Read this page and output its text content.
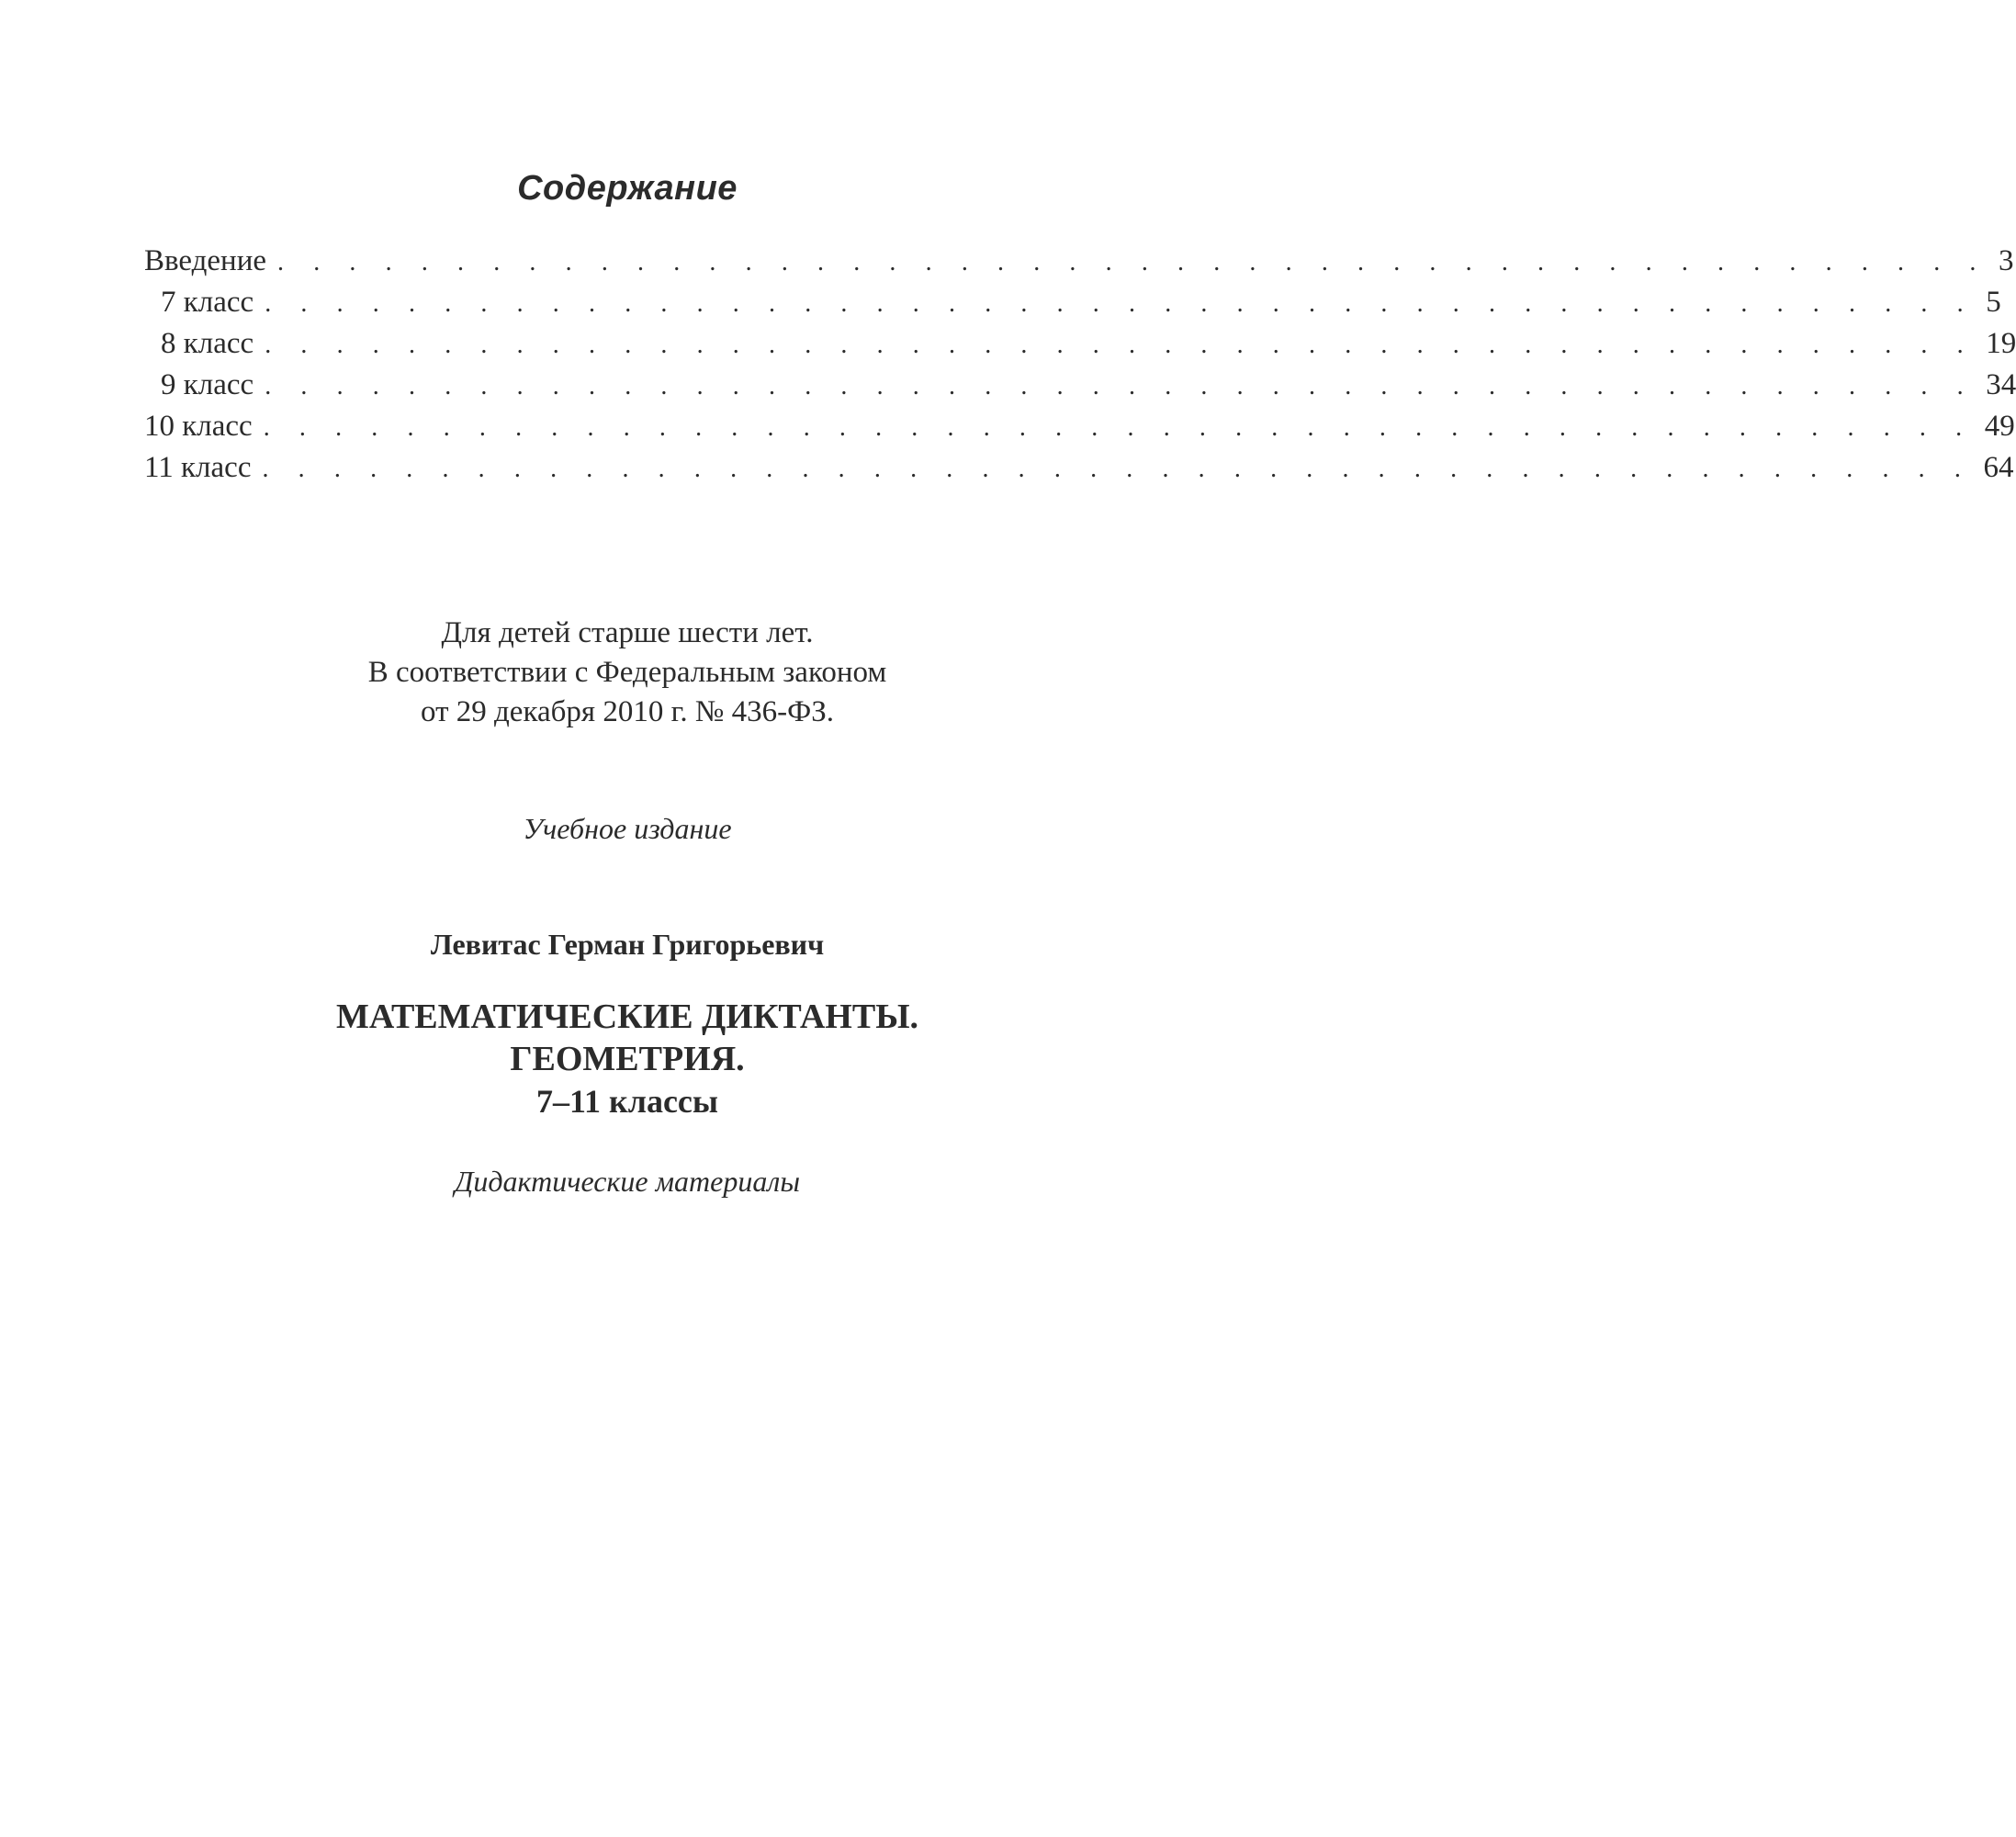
Содержание
Введение . . . . . . . . . . . . . . . . . . . . . . . . . . . . . . . . . . . . . . . . . . . . . . . . 3
7 класс . . . . . . . . . . . . . . . . . . . . . . . . . . . . . . . . . . . . . . . . . . . . . . . . 5
8 класс . . . . . . . . . . . . . . . . . . . . . . . . . . . . . . . . . . . . . . . . . . . . . . . . 19
9 класс . . . . . . . . . . . . . . . . . . . . . . . . . . . . . . . . . . . . . . . . . . . . . . . . 34
10 класс . . . . . . . . . . . . . . . . . . . . . . . . . . . . . . . . . . . . . . . . . . . . . . . . 49
11 класс . . . . . . . . . . . . . . . . . . . . . . . . . . . . . . . . . . . . . . . . . . . . . . . . 64
Для детей старше шести лет.
В соответствии с Федеральным законом
от 29 декабря 2010 г. № 436-ФЗ.
Учебное издание
Левитас Герман Григорьевич
МАТЕМАТИЧЕСКИЕ ДИКТАНТЫ.
ГЕОМЕТРИЯ.
7–11 классы
Дидактические материалы
